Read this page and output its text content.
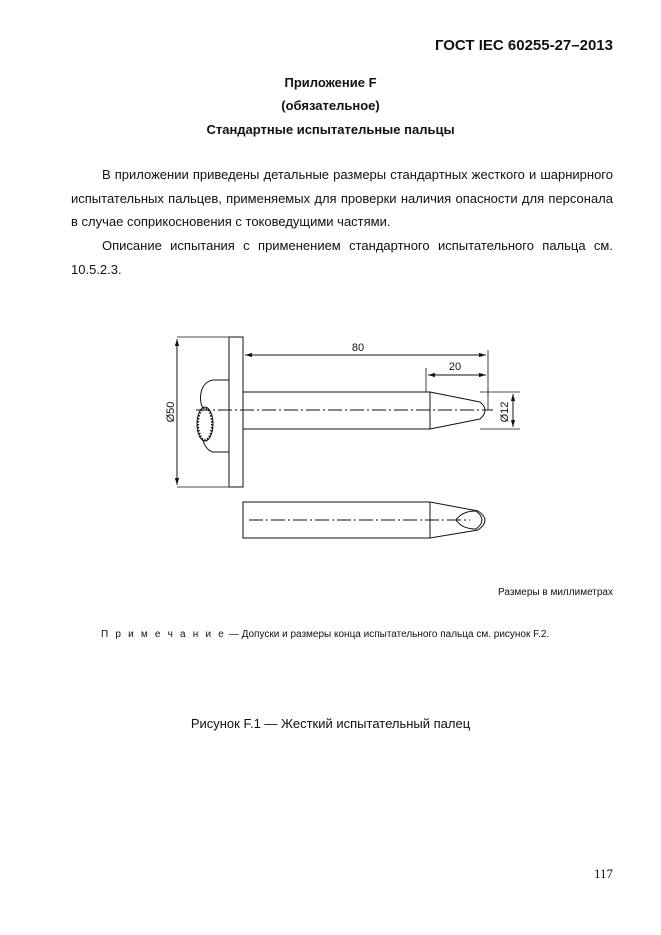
ГОСТ IEC 60255-27–2013
Приложение F
(обязательное)
Стандартные испытательные пальцы
В приложении приведены детальные размеры стандартных жесткого и шарнирного испытательных пальцев, применяемых для проверки наличия опасности для персонала в случае соприкосновения с токоведущими частями.
Описание испытания с применением стандартного испытательного пальца см. 10.5.2.3.
80
20
Ø50	Ø12
Размеры в миллиметрах
П р и м е ч а н и е — Допуски и размеры конца испытательного пальца см. рисунок F.2.
Рисунок F.1 — Жесткий испытательный палец
117
